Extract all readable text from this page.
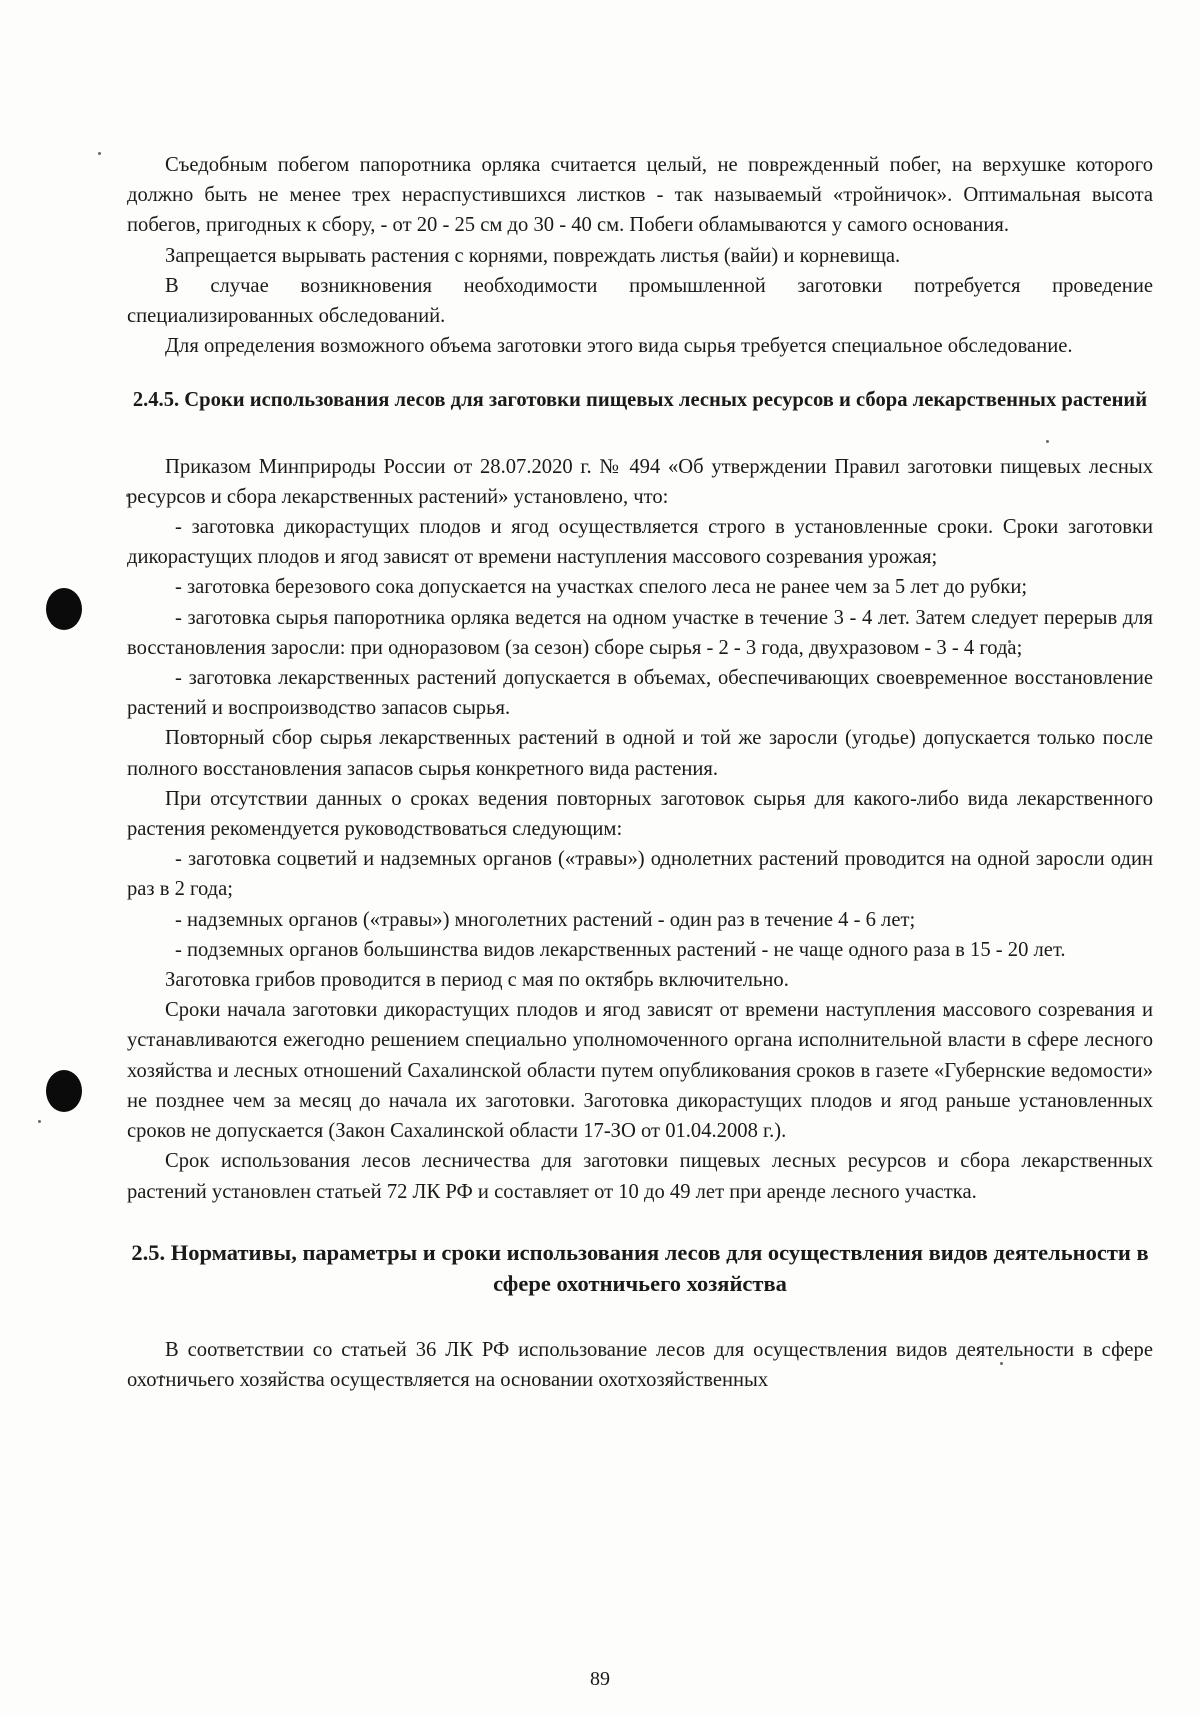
Съедобным побегом папоротника орляка считается целый, не поврежденный побег, на верхушке которого должно быть не менее трех нераспустившихся листков - так называемый «тройничок». Оптимальная высота побегов, пригодных к сбору, - от 20 - 25 см до 30 - 40 см. Побеги обламываются у самого основания.

Запрещается вырывать растения с корнями, повреждать листья (вайи) и корневища.

В случае возникновения необходимости промышленной заготовки потребуется проведение специализированных обследований.

Для определения возможного объема заготовки этого вида сырья требуется специальное обследование.

2.4.5. Сроки использования лесов для заготовки пищевых лесных ресурсов и сбора лекарственных растений

Приказом Минприроды России от 28.07.2020 г. № 494 «Об утверждении Правил заготовки пищевых лесных ресурсов и сбора лекарственных растений» установлено, что:

- заготовка дикорастущих плодов и ягод осуществляется строго в установленные сроки. Сроки заготовки дикорастущих плодов и ягод зависят от времени наступления массового созревания урожая;

- заготовка березового сока допускается на участках спелого леса не ранее чем за 5 лет до рубки;

- заготовка сырья папоротника орляка ведется на одном участке в течение 3 - 4 лет. Затем следует перерыв для восстановления заросли: при одноразовом (за сезон) сборе сырья - 2 - 3 года, двухразовом - 3 - 4 года;

- заготовка лекарственных растений допускается в объемах, обеспечивающих своевременное восстановление растений и воспроизводство запасов сырья.

Повторный сбор сырья лекарственных растений в одной и той же заросли (угодье) допускается только после полного восстановления запасов сырья конкретного вида растения.

При отсутствии данных о сроках ведения повторных заготовок сырья для какого-либо вида лекарственного растения рекомендуется руководствоваться следующим:

- заготовка соцветий и надземных органов («травы») однолетних растений проводится на одной заросли один раз в 2 года;

- надземных органов («травы») многолетних растений - один раз в течение 4 - 6 лет;

- подземных органов большинства видов лекарственных растений - не чаще одного раза в 15 - 20 лет.

Заготовка грибов проводится в период с мая по октябрь включительно.

Сроки начала заготовки дикорастущих плодов и ягод зависят от времени наступления массового созревания и устанавливаются ежегодно решением специально уполномоченного органа исполнительной власти в сфере лесного хозяйства и лесных отношений Сахалинской области путем опубликования сроков в газете «Губернские ведомости» не позднее чем за месяц до начала их заготовки. Заготовка дикорастущих плодов и ягод раньше установленных сроков не допускается (Закон Сахалинской области 17-ЗО от 01.04.2008 г.).

Срок использования лесов лесничества для заготовки пищевых лесных ресурсов и сбора лекарственных растений установлен статьей 72 ЛК РФ и составляет от 10 до 49 лет при аренде лесного участка.

2.5. Нормативы, параметры и сроки использования лесов для осуществления видов деятельности в сфере охотничьего хозяйства

В соответствии со статьей 36 ЛК РФ использование лесов для осуществления видов деятельности в сфере охотничьего хозяйства осуществляется на основании охотхозяйственных

89
